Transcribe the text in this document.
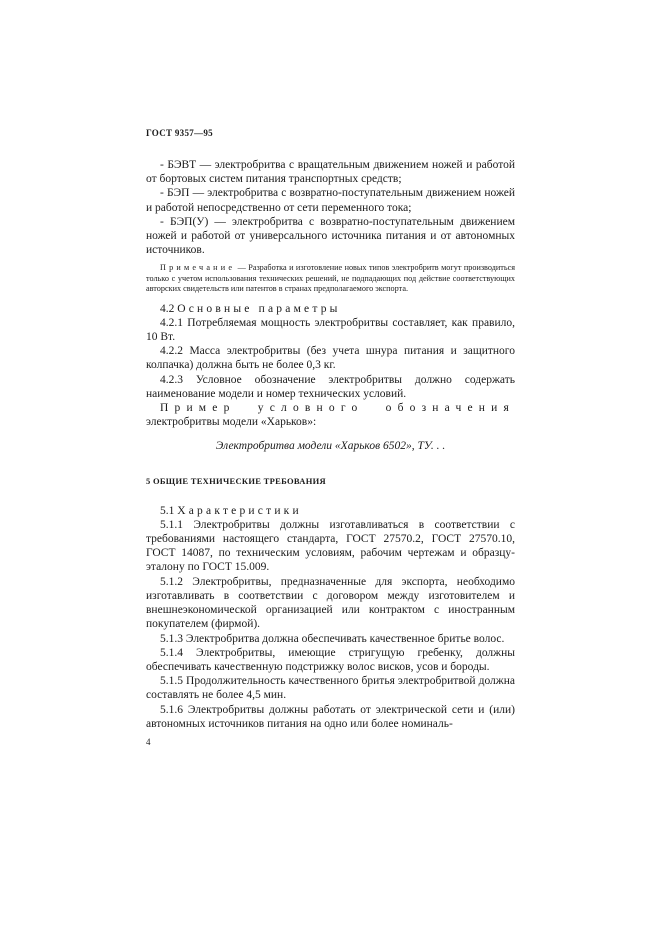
ГОСТ 9357—95

- БЭВТ — электробритва с вращательным движением ножей и работой от бортовых систем питания транспортных средств;

- БЭП — электробритва с возвратно-поступательным движением ножей и работой непосредственно от сети переменного тока;

- БЭП(У) — электробритва с возвратно-поступательным движением ножей и работой от универсального источника питания и от автономных источников.

Примечание — Разработка и изготовление новых типов электробритв могут производиться только с учетом использования технических решений, не подпадающих под действие соответствующих авторских свидетельств или патентов в странах предполагаемого экспорта.

4.2 Основные параметры

4.2.1 Потребляемая мощность электробритвы составляет, как правило, 10 Вт.

4.2.2 Масса электробритвы (без учета шнура питания и защитного колпачка) должна быть не более 0,3 кг.

4.2.3 Условное обозначение электробритвы должно содержать наименование модели и номер технических условий.

Пример условного обозначения электробритвы модели «Харьков»:

Электробритва модели «Харьков 6502», ТУ. . .

5 ОБЩИЕ ТЕХНИЧЕСКИЕ ТРЕБОВАНИЯ

5.1 Характеристики

5.1.1 Электробритвы должны изготавливаться в соответствии с требованиями настоящего стандарта, ГОСТ 27570.2, ГОСТ 27570.10, ГОСТ 14087, по техническим условиям, рабочим чертежам и образцу-эталону по ГОСТ 15.009.

5.1.2 Электробритвы, предназначенные для экспорта, необходимо изготавливать в соответствии с договором между изготовителем и внешнеэкономической организацией или контрактом с иностранным покупателем (фирмой).

5.1.3 Электробритва должна обеспечивать качественное бритье волос.

5.1.4 Электробритвы, имеющие стригущую гребенку, должны обеспечивать качественную подстрижку волос висков, усов и бороды.

5.1.5 Продолжительность качественного бритья электробритвой должна составлять не более 4,5 мин.

5.1.6 Электробритвы должны работать от электрической сети и (или) автономных источников питания на одно или более номиналь-

4
